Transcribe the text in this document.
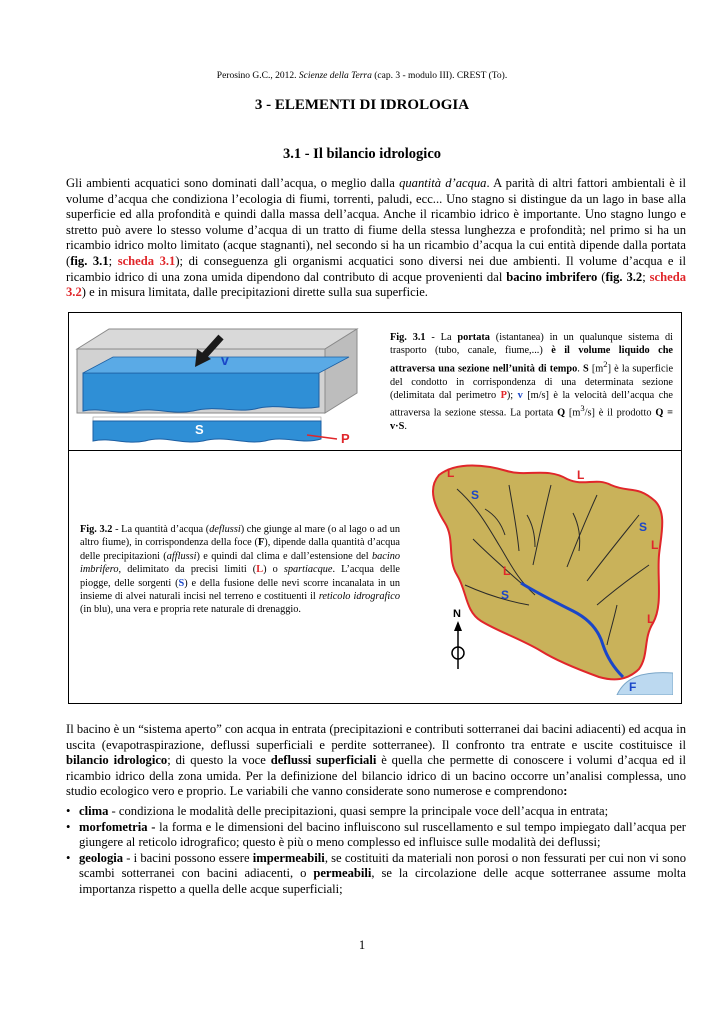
Perosino G.C., 2012. Scienze della Terra (cap. 3 - modulo III). CREST (To).
3 - ELEMENTI DI IDROLOGIA
3.1 - Il bilancio idrologico

Gli ambienti acquatici sono dominati dall’acqua, o meglio dalla quantità d’acqua. A parità di altri fattori ambientali è il volume d’acqua che condiziona l’ecologia di fiumi, torrenti, paludi, ecc... Uno stagno si distingue da un lago in base alla superficie ed alla profondità e quindi dalla massa dell’acqua. Anche il ricambio idrico è importante. Uno stagno lungo e stretto può avere lo stesso volume d’acqua di un tratto di fiume della stessa lunghezza e profondità; nel primo si ha un ricambio idrico molto limitato (acque stagnanti), nel secondo si ha un ricambio d’acqua la cui entità dipende dalla portata (fig. 3.1; scheda 3.1); di conseguenza gli organismi acquatici sono diversi nei due ambienti. Il volume d’acqua e il ricambio idrico di una zona umida dipendono dal contributo di acque provenienti dal bacino imbrifero (fig. 3.2; scheda 3.2) e in misura limitata, dalle precipitazioni dirette sulla sua superficie.

v
S
P

Fig. 3.1 - La portata (istantanea) in un qualunque sistema di trasporto (tubo, canale, fiume,...) è il volume liquido che attraversa una sezione nell’unità di tempo. S $[m^2]$ è la superficie del condotto in corrispondenza di una determinata sezione (delimitata dal perimetro P); v [m/s] è la velocità dell’acqua che attraversa la sezione stessa. La portata Q $[m^3/s]$ è il prodotto Q = v·S.

Fig. 3.2 - La quantità d’acqua (deflussi) che giunge al mare (o al lago o ad un altro fiume), in corrispondenza della foce (F), dipende dalla quantità d’acqua delle precipitazioni (afflussi) e quindi dal clima e dall’estensione del bacino imbrifero, delimitato da precisi limiti (L) o spartiacque. L’acqua delle piogge, delle sorgenti (S) e della fusione delle nevi scorre incanalata in un insieme di alvei naturali incisi nel terreno e costituenti il reticolo idrografico (in blu), una vera e propria rete naturale di drenaggio.

L
S
L
S
L
L
S
L
F
N

Il bacino è un “sistema aperto” con acqua in entrata (precipitazioni e contributi sotterranei dai bacini adiacenti) ed acqua in uscita (evapotraspirazione, deflussi superficiali e perdite sotterranee). Il confronto tra entrate e uscite costituisce il bilancio idrologico; di questo la voce deflussi superficiali è quella che permette di conoscere i volumi d’acqua ed il ricambio idrico della zona umida. Per la definizione del bilancio idrico di un bacino occorre un’analisi complessa, uno studio ecologico vero e proprio. Le variabili che vanno considerate sono numerose e comprendono:

• clima - condiziona le modalità delle precipitazioni, quasi sempre la principale voce dell’acqua in entrata;
• morfometria - la forma e le dimensioni del bacino influiscono sul ruscellamento e sul tempo impiegato dall’acqua per giungere al reticolo idrografico; questo è più o meno complesso ed influisce sulle modalità dei deflussi;
• geologia - i bacini possono essere impermeabili, se costituiti da materiali non porosi o non fessurati per cui non vi sono scambi sotterranei con bacini adiacenti, o permeabili, se la circolazione delle acque sotterranee assume molta importanza rispetto a quella delle acque superficiali;
1
